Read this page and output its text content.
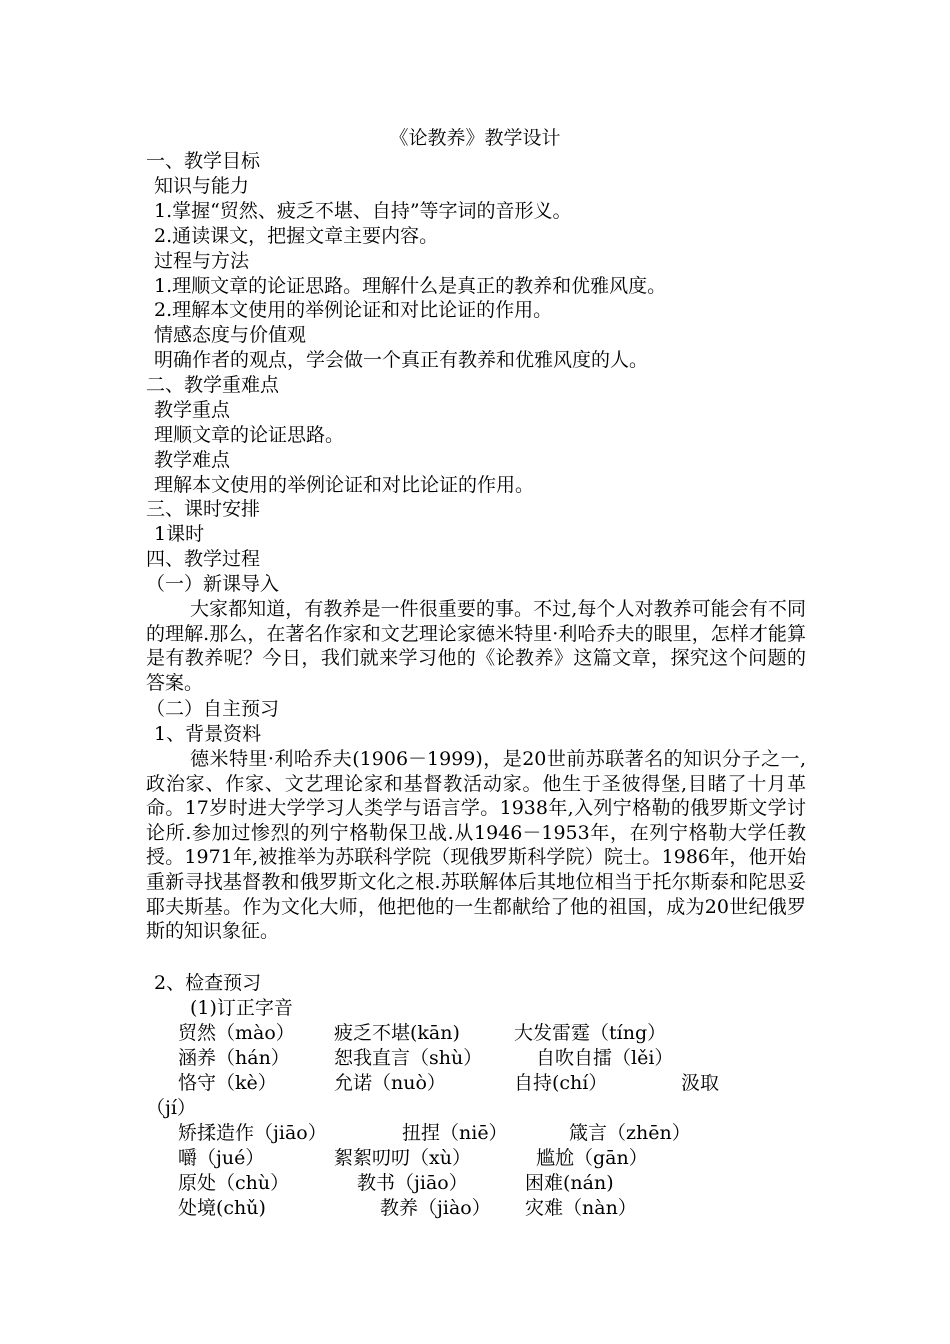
《论教养》教学设计
一、教学目标
知识与能力
1.掌握“贸然、疲乏不堪、自持”等字词的音形义。
2.通读课文，把握文章主要内容。
过程与方法
1.理顺文章的论证思路。理解什么是真正的教养和优雅风度。
2.理解本文使用的举例论证和对比论证的作用。
情感态度与价值观
明确作者的观点，学会做一个真正有教养和优雅风度的人。
二、教学重难点
教学重点
理顺文章的论证思路。
教学难点
理解本文使用的举例论证和对比论证的作用。
三、课时安排
1课时
四、教学过程
（一）新课导入
大家都知道，有教养是一件很重要的事。不过,每个人对教养可能会有不同的理解.那么，在著名作家和文艺理论家德米特里·利哈乔夫的眼里，怎样才能算是有教养呢？今日，我们就来学习他的《论教养》这篇文章，探究这个问题的答案。
（二）自主预习
1、背景资料
德米特里·利哈乔夫(1906－1999)，是20世前苏联著名的知识分子之一,政治家、作家、文艺理论家和基督教活动家。他生于圣彼得堡,目睹了十月革命。17岁时进大学学习人类学与语言学。1938年,入列宁格勒的俄罗斯文学讨论所.参加过惨烈的列宁格勒保卫战.从1946－1953年，在列宁格勒大学任教授。1971年,被推举为苏联科学院（现俄罗斯科学院）院士。1986年，他开始重新寻找基督教和俄罗斯文化之根.苏联解体后其地位相当于托尔斯泰和陀思妥耶夫斯基。作为文化大师，他把他的一生都献给了他的祖国，成为20世纪俄罗斯的知识象征。
2、检查预习
(1)订正字音
贸然（mào） 疲乏不堪(kān)	大发雷霆（tíng）
涵养（hán） 恕我直言（shù）	自吹自擂（lěi）
恪守（kè）	允诺（nuò）	自持(chí）	汲取
（jí）
矫揉造作（jiāo）	扭捏（niē）	箴言（zhēn）
嚼（jué）	絮絮叨叨（xù）	尴尬（gān）
原处（chù）	教书（jiāo）	困难(nán)
处境(chǔ)	教养（jiào） 灾难（nàn）
